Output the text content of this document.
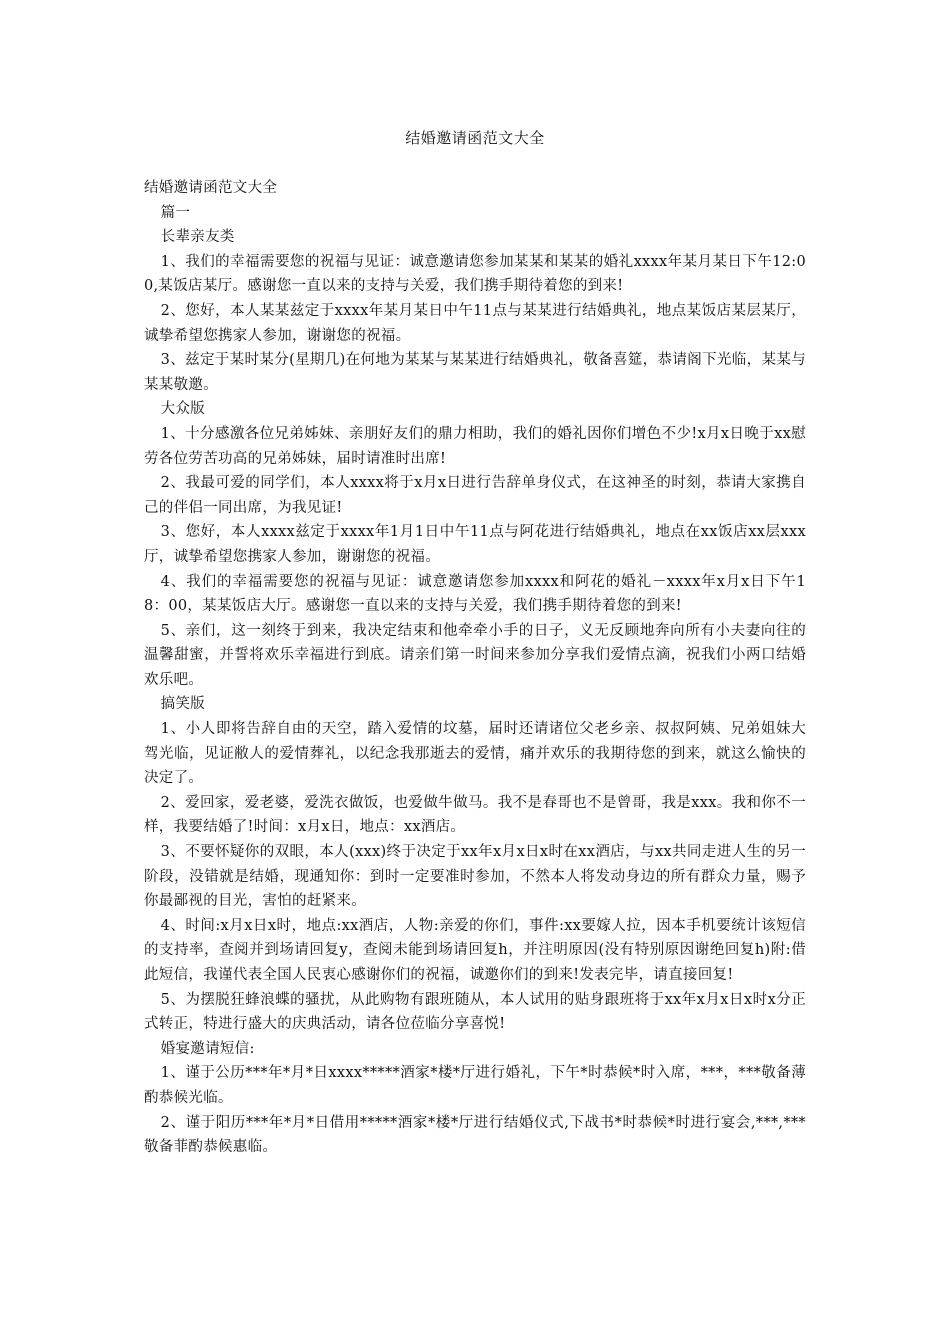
结婚邀请函范文大全

结婚邀请函范文大全

篇一

长辈亲友类

1、我们的幸福需要您的祝福与见证：诚意邀请您参加某某和某某的婚礼xxxx年某月某日下午12:00,某饭店某厅。感谢您一直以来的支持与关爱，我们携手期待着您的到来!

2、您好，本人某某兹定于xxxx年某月某日中午11点与某某进行结婚典礼，地点某饭店某层某厅，诚挚希望您携家人参加，谢谢您的祝福。

3、兹定于某时某分(星期几)在何地为某某与某某进行结婚典礼，敬备喜筵，恭请阁下光临，某某与某某敬邀。

大众版

1、十分感激各位兄弟姊妹、亲朋好友们的鼎力相助，我们的婚礼因你们增色不少!x月x日晚于xx慰劳各位劳苦功高的兄弟姊妹，届时请准时出席!

2、我最可爱的同学们，本人xxxx将于x月x日进行告辞单身仪式，在这神圣的时刻，恭请大家携自己的伴侣一同出席，为我见证!

3、您好，本人xxxx兹定于xxxx年1月1日中午11点与阿花进行结婚典礼，地点在xx饭店xx层xxx厅，诚挚希望您携家人参加，谢谢您的祝福。

4、我们的幸福需要您的祝福与见证：诚意邀请您参加xxxx和阿花的婚礼－xxxx年x月x日下午18：00，某某饭店大厅。感谢您一直以来的支持与关爱，我们携手期待着您的到来!

5、亲们，这一刻终于到来，我决定结束和他牵牵小手的日子，义无反顾地奔向所有小夫妻向往的温馨甜蜜，并誓将欢乐幸福进行到底。请亲们第一时间来参加分享我们爱情点滴，祝我们小两口结婚欢乐吧。

搞笑版

1、小人即将告辞自由的天空，踏入爱情的坟墓，届时还请诸位父老乡亲、叔叔阿姨、兄弟姐妹大驾光临，见证敝人的爱情葬礼，以纪念我那逝去的爱情，痛并欢乐的我期待您的到来，就这么愉快的决定了。

2、爱回家，爱老婆，爱洗衣做饭，也爱做牛做马。我不是春哥也不是曾哥，我是xxx。我和你不一样，我要结婚了!时间：x月x日，地点：xx酒店。

3、不要怀疑你的双眼，本人(xxx)终于决定于xx年x月x日x时在xx酒店，与xx共同走进人生的另一阶段，没错就是结婚，现通知你：到时一定要准时参加，不然本人将发动身边的所有群众力量，赐予你最鄙视的目光，害怕的赶紧来。

4、时间:x月x日x时，地点:xx酒店，人物:亲爱的你们，事件:xx要嫁人拉，因本手机要统计该短信的支持率，查阅并到场请回复y，查阅未能到场请回复h，并注明原因(没有特别原因谢绝回复h)附:借此短信，我谨代表全国人民衷心感谢你们的祝福，诚邀你们的到来!发表完毕，请直接回复!

5、为摆脱狂蜂浪蝶的骚扰，从此购物有跟班随从，本人试用的贴身跟班将于xx年x月x日x时x分正式转正，特进行盛大的庆典活动，请各位莅临分享喜悦!

婚宴邀请短信:

1、谨于公历***年*月*日xxxx*****酒家*楼*厅进行婚礼，下午*时恭候*时入席，***，***敬备薄酌恭候光临。

2、谨于阳历***年*月*日借用*****酒家*楼*厅进行结婚仪式,下战书*时恭候*时进行宴会,***,***敬备菲酌恭候惠临。
